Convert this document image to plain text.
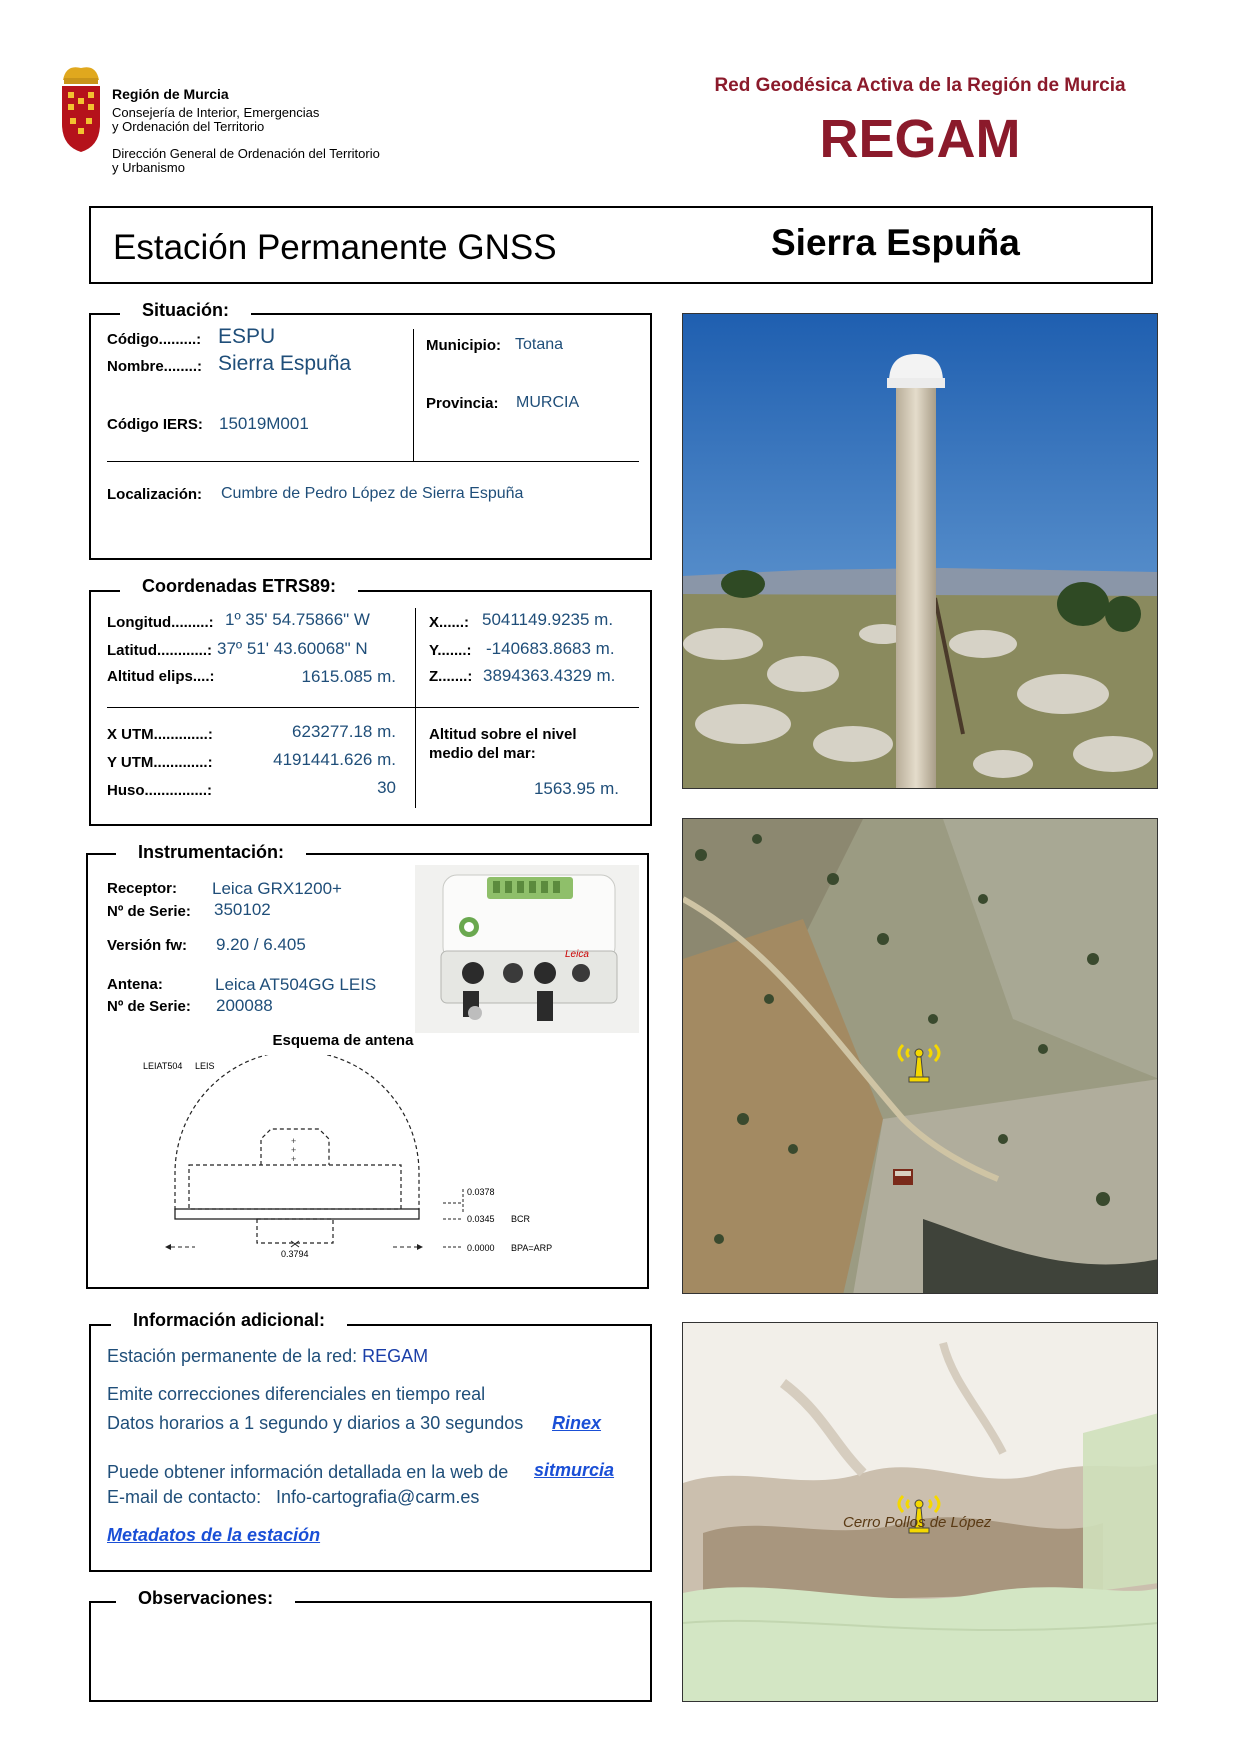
Región de Murcia
Consejería de Interior, Emergencias
y Ordenación del Territorio
Dirección General de Ordenación del Territorio
y Urbanismo
Red Geodésica Activa de la Región de Murcia
REGAM
Estación Permanente GNSS	Sierra Espuña
Código.........: ESPU
Nombre........: Sierra Espuña
Código IERS: 15019M001
Municipio: Totana
Provincia: MURCIA
Localización: Cumbre de Pedro López de Sierra Espuña
Situación:
Longitud.........: 1º 35' 54.75866" W
Latitud............: 37º 51' 43.60068" N
Altitud elips....:	1615.085 m.
X......: 5041149.9235 m.
Y.......: -140683.8683 m.
Z.......: 3894363.4329 m.
X UTM.............:	623277.18 m.
Y UTM.............:	4191441.626 m.
Huso...............:	30
Altitud sobre el nivel
medio del mar:
1563.95 m.
Coordenadas ETRS89:
Receptor: Leica GRX1200+
Nº de Serie: 350102
Versión fw: 9.20 / 6.405
Antena:	Leica AT504GG LEIS
Nº de Serie: 200088
Leica
Esquema de antena
LEIAT504 LEIS
+
+
+
0.3794
0.0378
0.0345 BCR
0.0000 BPA=ARP
Instrumentación:
Estación permanente de la red: REGAM
Emite correcciones diferenciales en tiempo real
Datos horarios a 1 segundo y diarios a 30 segundos Rinex
Puede obtener información detallada en la web de sitmurcia
E-mail de contacto: Info-cartografia@carm.es
Metadatos de la estación
Información adicional:
Observaciones:
Cerro Pollos de López
